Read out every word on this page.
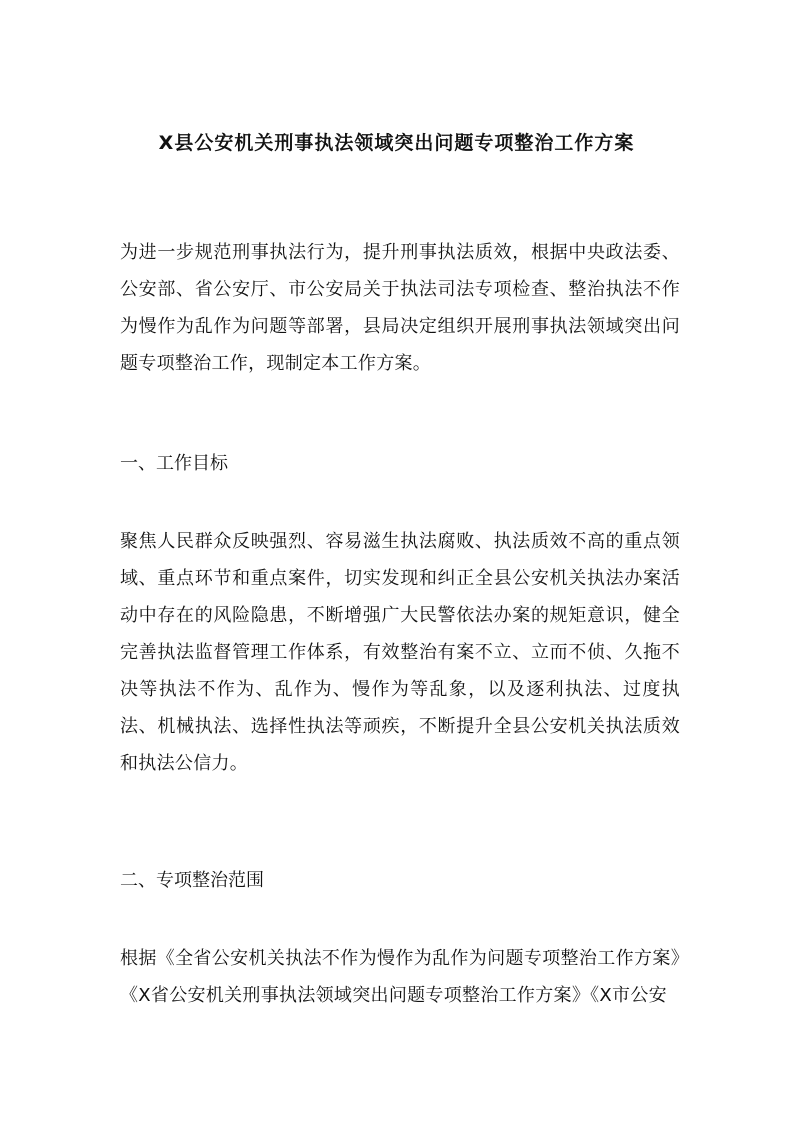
X县公安机关刑事执法领域突出问题专项整治工作方案

为进一步规范刑事执法行为，提升刑事执法质效，根据中央政法委、公安部、省公安厅、市公安局关于执法司法专项检查、整治执法不作为慢作为乱作为问题等部署，县局决定组织开展刑事执法领域突出问题专项整治工作，现制定本工作方案。

一、工作目标

聚焦人民群众反映强烈、容易滋生执法腐败、执法质效不高的重点领域、重点环节和重点案件，切实发现和纠正全县公安机关执法办案活动中存在的风险隐患，不断增强广大民警依法办案的规矩意识，健全完善执法监督管理工作体系，有效整治有案不立、立而不侦、久拖不决等执法不作为、乱作为、慢作为等乱象，以及逐利执法、过度执法、机械执法、选择性执法等顽疾，不断提升全县公安机关执法质效和执法公信力。

二、专项整治范围

根据《全省公安机关执法不作为慢作为乱作为问题专项整治工作方案》《X省公安机关刑事执法领域突出问题专项整治工作方案》《X市公安
